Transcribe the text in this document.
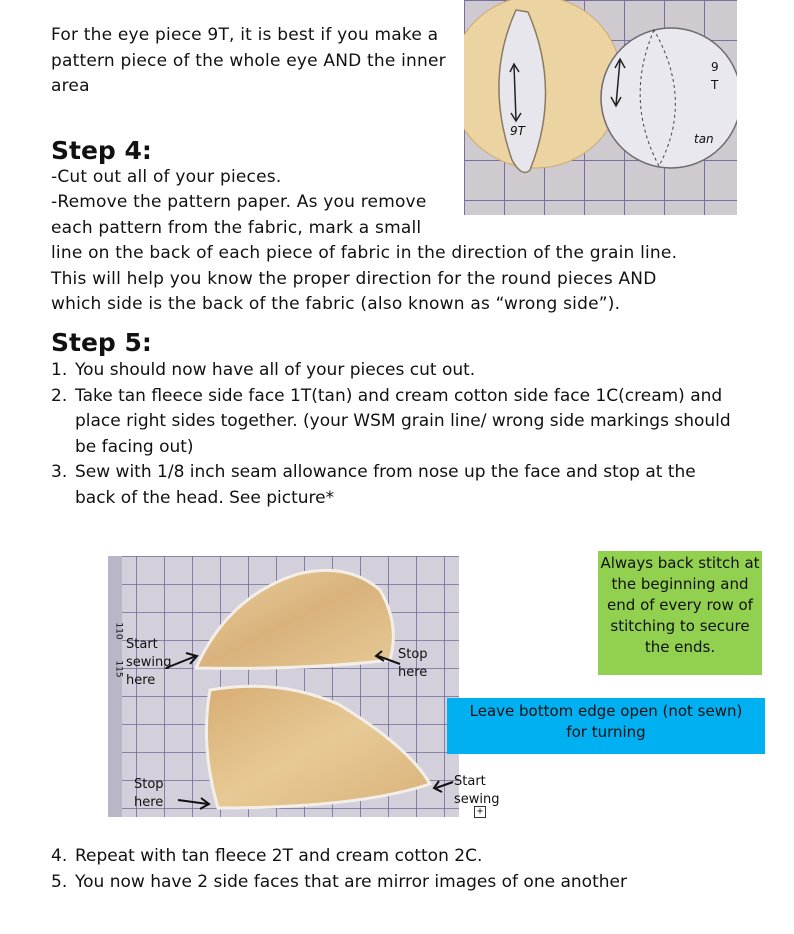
For the eye piece 9T, it is best if you make a pattern piece of the whole eye AND the inner area

9T
9
T
tan
Step 4:

-Cut out all of your pieces.

-Remove the pattern paper. As you remove each pattern from the fabric, mark a small line on the back of each piece of fabric in the direction of the grain line. This will help you know the proper direction for the round pieces AND which side is the back of the fabric (also known as “wrong side”).

Step 5:
1. You should now have all of your pieces cut out.
2. Take tan fleece side face 1T(tan) and cream cotton side face 1C(cream) and place right sides together. (your WSM grain line/ wrong side markings should be facing out)
3. Sew with 1/8 inch seam allowance from nose up the face and stop at the back of the head. See picture*
110
115
Start sewing here
Stop here
Stop here
Start sewing
+
Always back stitch at the beginning and end of every row of stitching to secure the ends.
Leave bottom edge open (not sewn) for turning
4. Repeat with tan fleece 2T and cream cotton 2C.
5. You now have 2 side faces that are mirror images of one another
